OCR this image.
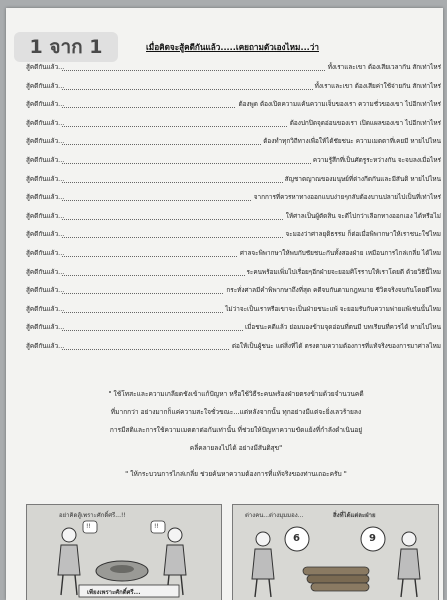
1 จาก 1	เมื่อคิดจะสู้คดีกันแล้ว.....เคยถามตัวเองไหม...ว่า
สู้คดีกันแล้ว...	ทั้งเราและเขา ต้องเสียเวลากัน สักเท่าไหร่
สู้คดีกันแล้ว...	ทั้งเราและเขา ต้องเสียค่าใช้จ่ายกัน สักเท่าไหร่
สู้คดีกันแล้ว...	ต้องพูด ต้องเปิดความแค้นความเจ็บของเรา ความชั่วของเขา ไปอีกเท่าไหร่
สู้คดีกันแล้ว...	ต้องปกปิดจุดอ่อนของเรา เปิดแผลของเขา ไปอีกเท่าไหร่
สู้คดีกันแล้ว...	ต้องทำทุกวิถีทางเพื่อให้ได้ชัยชนะ ความเมตตาที่เคยมี หายไปไหน
สู้คดีกันแล้ว...	ความรู้สึกที่เป็นศัตรูระหว่างกัน จะจบลงเมื่อไหร่
สู้คดีกันแล้ว...	สัญชาตญาณของมนุษย์ที่ต่างกีดกันและมีสันติ หายไปไหน
สู้คดีกันแล้ว...	จากการที่ควรหาทางออกแบบง่ายๆกลับต้องบานปลายไปเป็นที่เท่าไหร่
สู้คดีกันแล้ว...	ให้ศาลเป็นผู้ตัดสิน จะดีไปกว่าเลือกทางออกเอง ได้หรือไม่
สู้คดีกันแล้ว...	จะมองว่าศาลยุติธรรม ก็ต่อเมื่อพิพากษาให้เราชนะใช่ไหม
สู้คดีกันแล้ว...	ศาลจะพิพากษาให้พบกับชัยชนะกันทั้งสองฝ่าย เหมือนการไกล่เกลี่ย ได้ไหม
สู้คดีกันแล้ว...	ระคนพร้อมเพิ่มไปเรื่อยๆอีกฝ่ายจะยอมศิโรราบให้เราโดยดี ด้วยวิธีนี้ไหม
สู้คดีกันแล้ว...	กระทั่งศาลมีคำพิพากษาถึงที่สุด คดีจบกันตามกฎหมาย ชีวิตจริงจบกันโดยดีไหม
สู้คดีกันแล้ว...	ไม่ว่าจะเป็นเราหรือเขาจะเป็นฝ่ายชนะแพ้ จะยอมรับกับความพ่ายแพ้เช่นนั้นไหม
สู้คดีกันแล้ว...	เมื่อชนะคดีแล้ว ย่อมมองข้ามจุดอ่อนที่ตนมี บทเรียนที่ควรได้ หายไปไหน
สู้คดีกันแล้ว...	ต่อให้เป็นผู้ชนะ แต่สิ่งที่ได้ ตรงตามความต้องการที่แท้จริงของการมาศาลไหม
" ใช้โทสะและความเกลียดชังเข้าแก้ปัญหา หรือใช้วิธีระคนพร้องฝ่ายตรงข้ามด้วยจำนวนคดี
ที่มากกว่า อย่างมากก็แค่ความสะใจชั่วขณะ...แต่หลังจากนั้น ทุกอย่างมีแต่จะยิ่งเลวร้ายลง
การมีสติและการใช้ความเมตตาต่อกันเท่านั้น ที่ช่วยให้ปัญหาความขัดแย้งที่กำลังดำเนินอยู่
คลี่คลายลงไปได้ อย่างมีสันติสุข"
" ให้กระบวนการไกล่เกลี่ย ช่วยค้นหาความต้องการที่แท้จริงของท่านเถอะครับ "
อย่าคิดสู้เพราะศักดิ์ศรี...!!
!!	!!
เพียงเพราะศักดิ์ศรี...
ต่างคน...ต่างมุมมอง...	สิ่งที่ได้แต่ละฝ่าย
6	9
